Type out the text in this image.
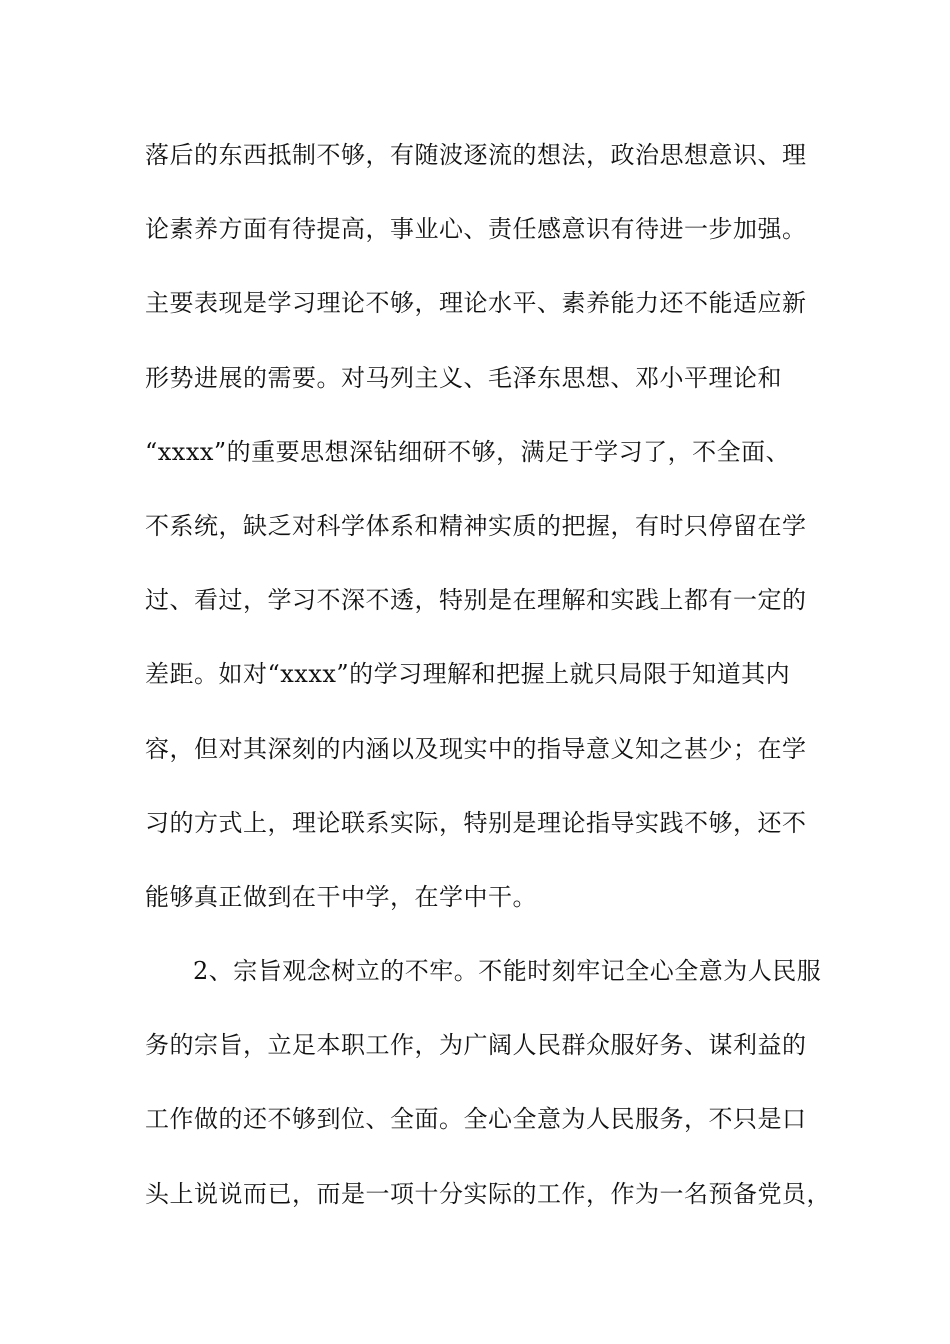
落后的东西抵制不够，有随波逐流的想法，政治思想意识、理
论素养方面有待提高，事业心、责任感意识有待进一步加强。
主要表现是学习理论不够，理论水平、素养能力还不能适应新
形势进展的需要。对马列主义、毛泽东思想、邓小平理论和
“xxxx”的重要思想深钻细研不够，满足于学习了，不全面、
不系统，缺乏对科学体系和精神实质的把握，有时只停留在学
过、看过，学习不深不透，特别是在理解和实践上都有一定的
差距。如对“xxxx”的学习理解和把握上就只局限于知道其内
容，但对其深刻的内涵以及现实中的指导意义知之甚少；在学
习的方式上，理论联系实际，特别是理论指导实践不够，还不
能够真正做到在干中学，在学中干。
2、宗旨观念树立的不牢。不能时刻牢记全心全意为人民服
务的宗旨，立足本职工作，为广阔人民群众服好务、谋利益的
工作做的还不够到位、全面。全心全意为人民服务，不只是口
头上说说而已，而是一项十分实际的工作，作为一名预备党员，
